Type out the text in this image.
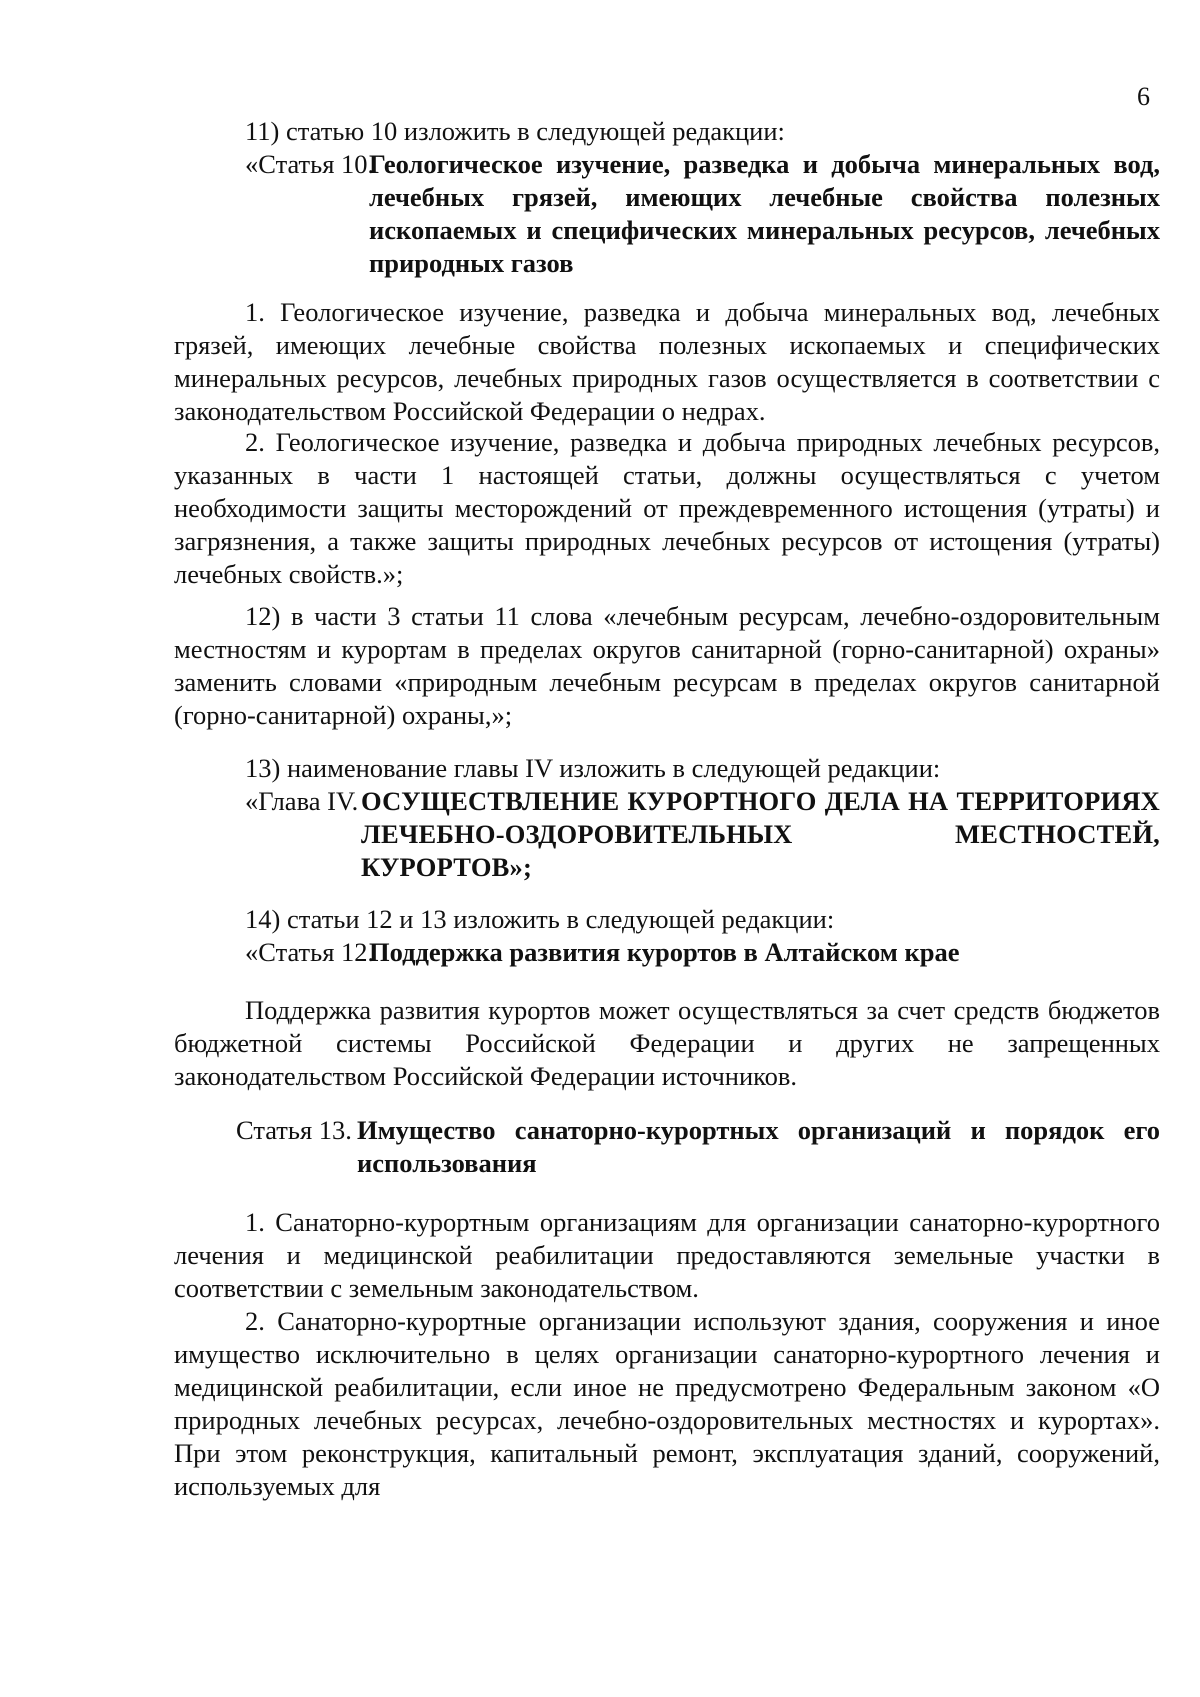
6

11) статью 10 изложить в следующей редакции:

«Статья 10.

Геологическое изучение, разведка и добыча минеральных вод, лечебных грязей, имеющих лечебные свойства полезных ископаемых и специфических минеральных ресурсов, лечебных природных газов

1. Геологическое изучение, разведка и добыча минеральных вод, лечебных грязей, имеющих лечебные свойства полезных ископаемых и специфических минеральных ресурсов, лечебных природных газов осуществляется в соответствии с законодательством Российской Федерации о недрах.

2. Геологическое изучение, разведка и добыча природных лечебных ресурсов, указанных в части 1 настоящей статьи, должны осуществляться с учетом необходимости защиты месторождений от преждевременного истощения (утраты) и загрязнения, а также защиты природных лечебных ресурсов от истощения (утраты) лечебных свойств.»;

12) в части 3 статьи 11 слова «лечебным ресурсам, лечебно-оздоровительным местностям и курортам в пределах округов санитарной (горно-санитарной) охраны» заменить словами «природным лечебным ресурсам в пределах округов санитарной (горно-санитарной) охраны,»;

13) наименование главы IV изложить в следующей редакции:

«Глава IV. ОСУЩЕСТВЛЕНИЕ КУРОРТНОГО ДЕЛА НА ТЕРРИТОРИЯХ ЛЕЧЕБНО-ОЗДОРОВИТЕЛЬНЫХ МЕСТНОСТЕЙ, КУРОРТОВ»;

14) статьи 12 и 13 изложить в следующей редакции:

«Статья 12.

Поддержка развития курортов в Алтайском крае

Поддержка развития курортов может осуществляться за счет средств бюджетов бюджетной системы Российской Федерации и других не запрещенных законодательством Российской Федерации источников.

Статья 13. Имущество санаторно-курортных организаций и порядок его использования

1. Санаторно-курортным организациям для организации санаторно-курортного лечения и медицинской реабилитации предоставляются земельные участки в соответствии с земельным законодательством.

2. Санаторно-курортные организации используют здания, сооружения и иное имущество исключительно в целях организации санаторно-курортного лечения и медицинской реабилитации, если иное не предусмотрено Федеральным законом «О природных лечебных ресурсах, лечебно-оздоровительных местностях и курортах». При этом реконструкция, капитальный ремонт, эксплуатация зданий, сооружений, используемых для
